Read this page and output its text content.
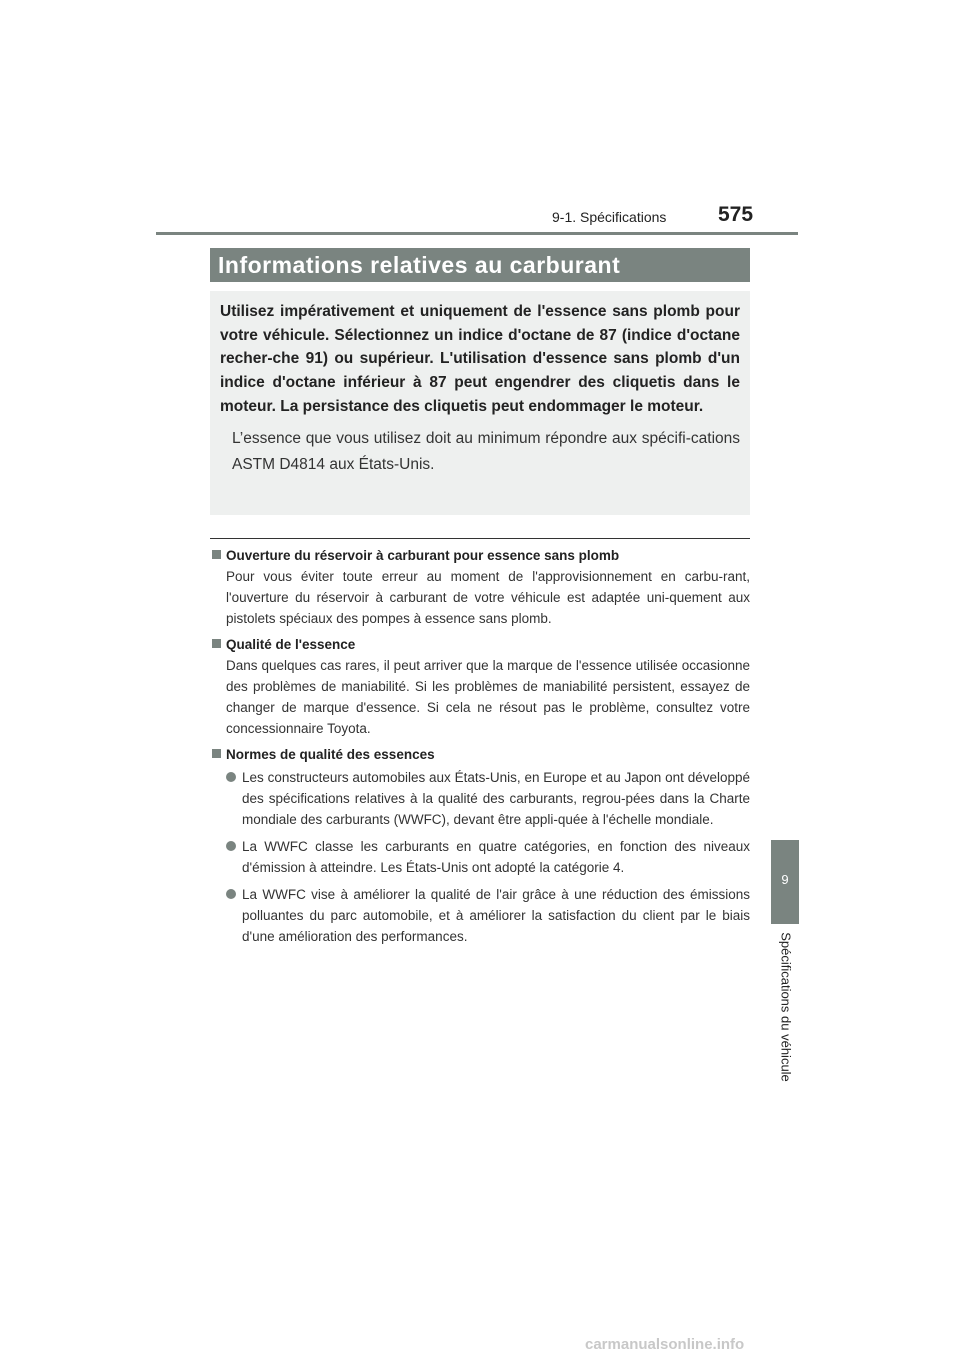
9-1. Spécifications 575
9
Spécifications du véhicule
Informations relatives au carburant
Utilisez impérativement et uniquement de l'essence sans plomb pour votre véhicule. Sélectionnez un indice d'octane de 87 (indice d'octane recher-che 91) ou supérieur. L'utilisation d'essence sans plomb d'un indice d'octane inférieur à 87 peut engendrer des cliquetis dans le moteur. La persistance des cliquetis peut endommager le moteur.
L’essence que vous utilisez doit au minimum répondre aux spécifi-cations ASTM D4814 aux États-Unis.
Ouverture du réservoir à carburant pour essence sans plomb
Pour vous éviter toute erreur au moment de l'approvisionnement en carbu-rant, l'ouverture du réservoir à carburant de votre véhicule est adaptée uni-quement aux pistolets spéciaux des pompes à essence sans plomb.
Qualité de l'essence
Dans quelques cas rares, il peut arriver que la marque de l'essence utilisée occasionne des problèmes de maniabilité. Si les problèmes de maniabilité persistent, essayez de changer de marque d'essence. Si cela ne résout pas le problème, consultez votre concessionnaire Toyota.
Normes de qualité des essences
Les constructeurs automobiles aux États-Unis, en Europe et au Japon ont développé des spécifications relatives à la qualité des carburants, regrou-pées dans la Charte mondiale des carburants (WWFC), devant être appli-quée à l'échelle mondiale.
La WWFC classe les carburants en quatre catégories, en fonction des niveaux d'émission à atteindre. Les États-Unis ont adopté la catégorie 4.
La WWFC vise à améliorer la qualité de l'air grâce à une réduction des émissions polluantes du parc automobile, et à améliorer la satisfaction du client par le biais d'une amélioration des performances.
carmanualsonline.info
